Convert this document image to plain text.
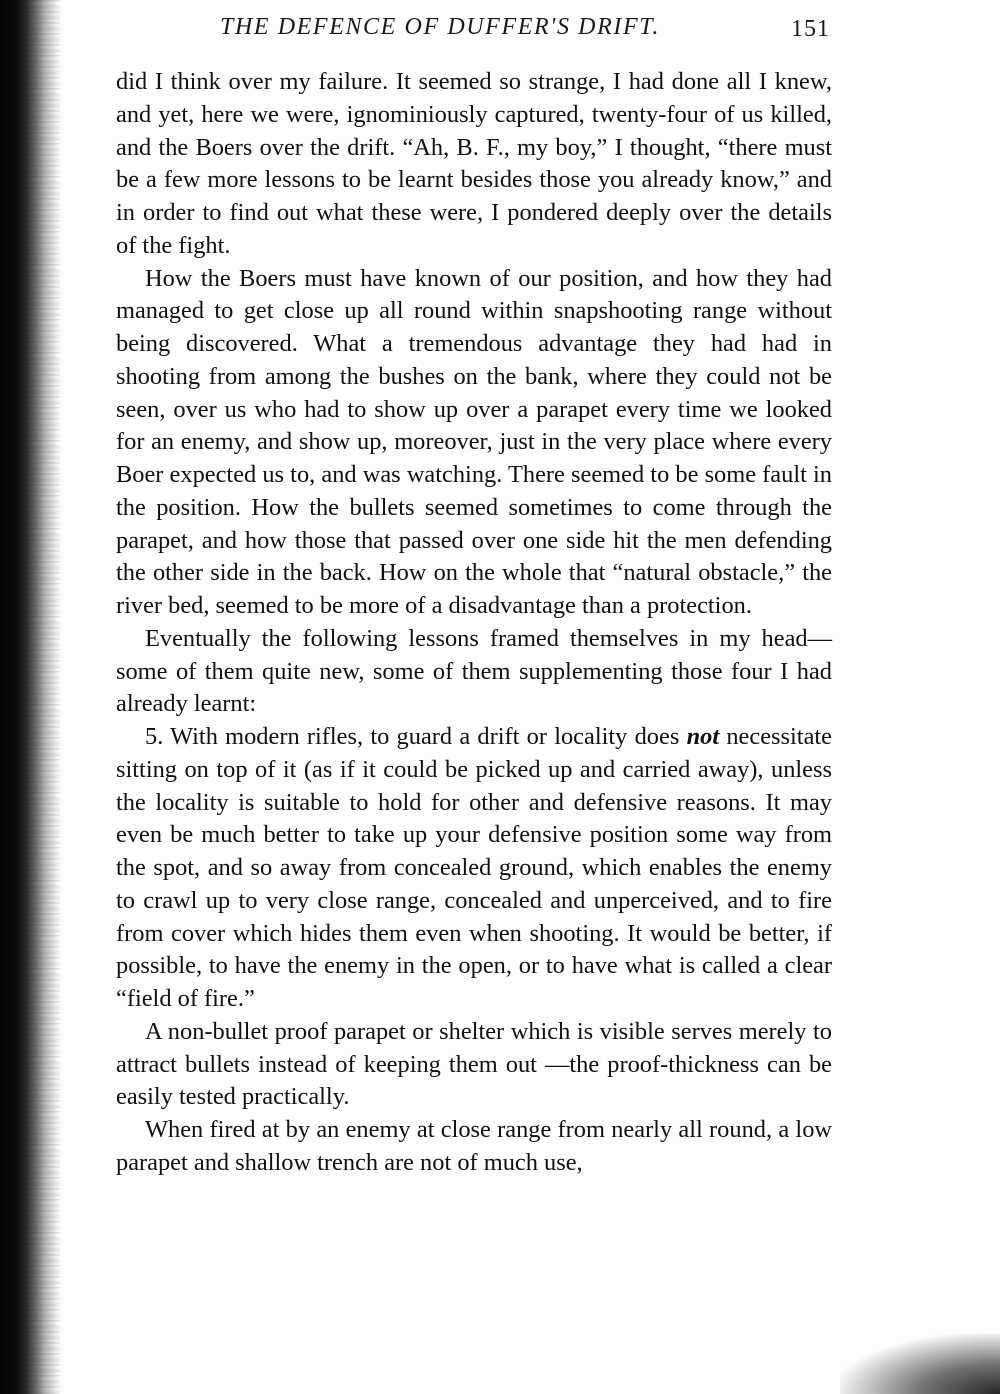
THE DEFENCE OF DUFFER'S DRIFT.	151

did I think over my failure. It seemed so strange, I had done all I knew, and yet, here we were, ignominiously captured, twenty-four of us killed, and the Boers over the drift. “Ah, B. F., my boy,” I thought, “there must be a few more lessons to be learnt besides those you already know,” and in order to find out what these were, I pondered deeply over the details of the fight.

How the Boers must have known of our position, and how they had managed to get close up all round within snapshooting range without being discovered. What a tremendous advantage they had had in shooting from among the bushes on the bank, where they could not be seen, over us who had to show up over a parapet every time we looked for an enemy, and show up, moreover, just in the very place where every Boer expected us to, and was watching. There seemed to be some fault in the position. How the bullets seemed sometimes to come through the parapet, and how those that passed over one side hit the men defending the other side in the back. How on the whole that “natural obstacle,” the river bed, seemed to be more of a disadvantage than a protection.

Eventually the following lessons framed themselves in my head—some of them quite new, some of them supplementing those four I had already learnt:

5. With modern rifles, to guard a drift or locality does not necessitate sitting on top of it (as if it could be picked up and carried away), unless the locality is suitable to hold for other and defensive reasons. It may even be much better to take up your defensive position some way from the spot, and so away from concealed ground, which enables the enemy to crawl up to very close range, concealed and unperceived, and to fire from cover which hides them even when shooting. It would be better, if possible, to have the enemy in the open, or to have what is called a clear “field of fire.”

A non-bullet proof parapet or shelter which is visible serves merely to attract bullets instead of keeping them out —the proof-thickness can be easily tested practically.

When fired at by an enemy at close range from nearly all round, a low parapet and shallow trench are not of much use,
